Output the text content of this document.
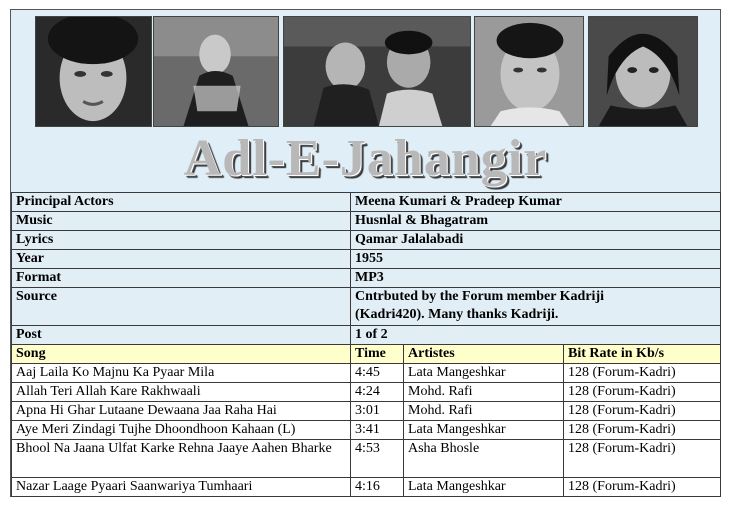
Adl-E-Jahangir
Principal Actors	Meena Kumari & Pradeep Kumar		
Music	Husnlal & Bhagatram		
Lyrics	Qamar Jalalabadi		
Year	1955		
Format	MP3		
Source	Cntrbuted by the Forum member Kadriji (Kadri420). Many thanks Kadriji.		
Post	1 of 2		
Song	Time	Artistes	Bit Rate in Kb/s
Aaj Laila Ko Majnu Ka Pyaar Mila	4:45	Lata Mangeshkar	128 (Forum-Kadri)
Allah Teri Allah Kare Rakhwaali	4:24	Mohd. Rafi	128 (Forum-Kadri)
Apna Hi Ghar Lutaane Dewaana Jaa Raha Hai	3:01	Mohd. Rafi	128 (Forum-Kadri)
Aye Meri Zindagi Tujhe Dhoondhoon Kahaan (L)	3:41	Lata Mangeshkar	128 (Forum-Kadri)
Bhool Na Jaana Ulfat Karke Rehna Jaaye Aahen Bharke	4:53	Asha Bhosle	128 (Forum-Kadri)
Nazar Laage Pyaari Saanwariya Tumhaari	4:16	Lata Mangeshkar	128 (Forum-Kadri)
